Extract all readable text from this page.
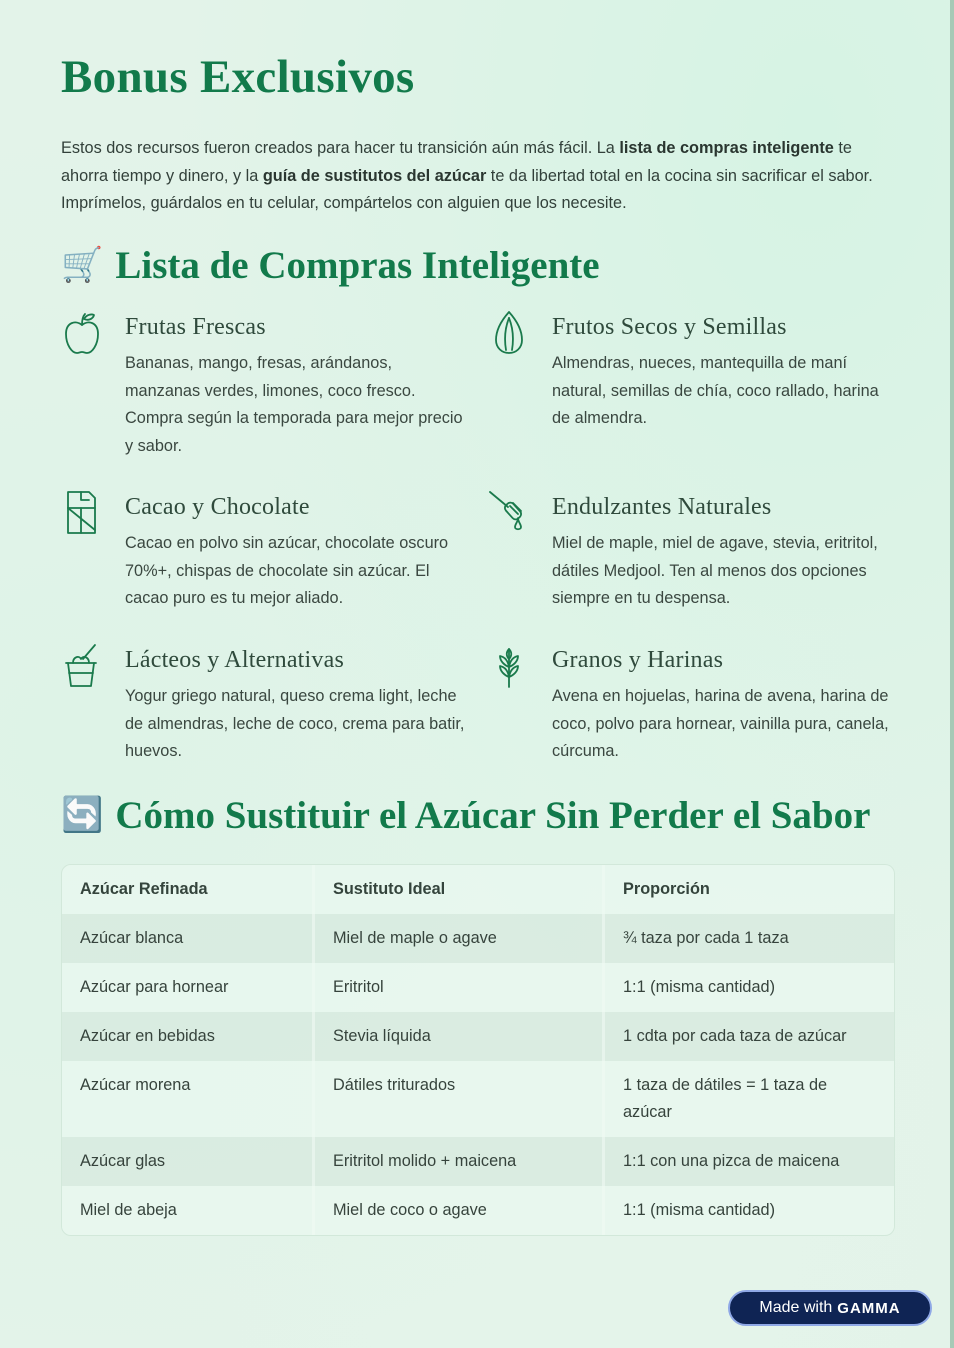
Bonus Exclusivos

Estos dos recursos fueron creados para hacer tu transición aún más fácil. La lista de compras inteligente te ahorra tiempo y dinero, y la guía de sustitutos del azúcar te da libertad total en la cocina sin sacrificar el sabor. Imprímelos, guárdalos en tu celular, compártelos con alguien que los necesite.

🛒 Lista de Compras Inteligente
Frutas Frescas

Bananas, mango, fresas, arándanos, manzanas verdes, limones, coco fresco. Compra según la temporada para mejor precio y sabor.

Frutos Secos y Semillas

Almendras, nueces, mantequilla de maní natural, semillas de chía, coco rallado, harina de almendra.

Cacao y Chocolate

Cacao en polvo sin azúcar, chocolate oscuro 70%+, chispas de chocolate sin azúcar. El cacao puro es tu mejor aliado.

Endulzantes Naturales

Miel de maple, miel de agave, stevia, eritritol, dátiles Medjool. Ten al menos dos opciones siempre en tu despensa.

Lácteos y Alternativas

Yogur griego natural, queso crema light, leche de almendras, leche de coco, crema para batir, huevos.

Granos y Harinas

Avena en hojuelas, harina de avena, harina de coco, polvo para hornear, vainilla pura, canela, cúrcuma.

🔄 Cómo Sustituir el Azúcar Sin Perder el Sabor
Azúcar Refinada	Sustituto Ideal	Proporción
Azúcar blanca	Miel de maple o agave	¾ taza por cada 1 taza
Azúcar para hornear	Eritritol	1:1 (misma cantidad)
Azúcar en bebidas	Stevia líquida	1 cdta por cada taza de azúcar
Azúcar morena	Dátiles triturados	1 taza de dátiles = 1 taza de azúcar
Azúcar glas	Eritritol molido + maicena	1:1 con una pizca de maicena
Miel de abeja	Miel de coco o agave	1:1 (misma cantidad)
Made with GAMMA
